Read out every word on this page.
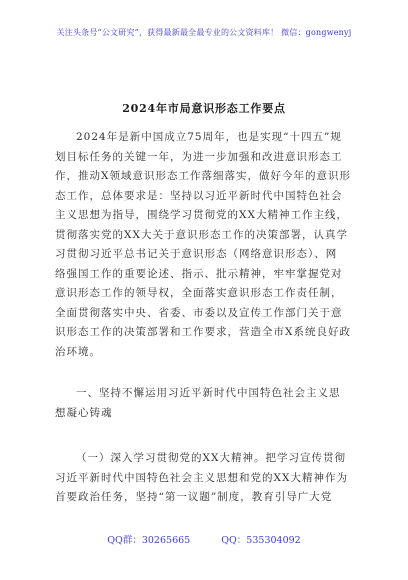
关注头条号“公文研究”，获得最新最全最专业的公文资料库！ 微信：gongwenyj
2024年市局意识形态工作要点

2024年是新中国成立75周年，也是实现“十四五”规

划目标任务的关键一年，为进一步加强和改进意识形态工

作，推动X领域意识形态工作落细落实，做好今年的意识形

态工作，总体要求是：坚持以习近平新时代中国特色社会

主义思想为指导，围绕学习贯彻党的XX大精神工作主线，

贯彻落实党的XX大关于意识形态工作的决策部署，认真学

习贯彻习近平总书记关于意识形态（网络意识形态）、网

络强国工作的重要论述、指示、批示精神，牢牢掌握党对

意识形态工作的领导权，全面落实意识形态工作责任制，

全面贯彻落实中央、省委、市委以及宣传工作部门关于意

识形态工作的决策部署和工作要求，营造全市X系统良好政

治环境。

一、坚持不懈运用习近平新时代中国特色社会主义思

想凝心铸魂

（一）深入学习贯彻党的XX大精神。把学习宣传贯彻

习近平新时代中国特色社会主义思想和党的XX大精神作为

首要政治任务，坚持“第一议题”制度，教育引导广大党

QQ群：30265665	QQ：535304092
